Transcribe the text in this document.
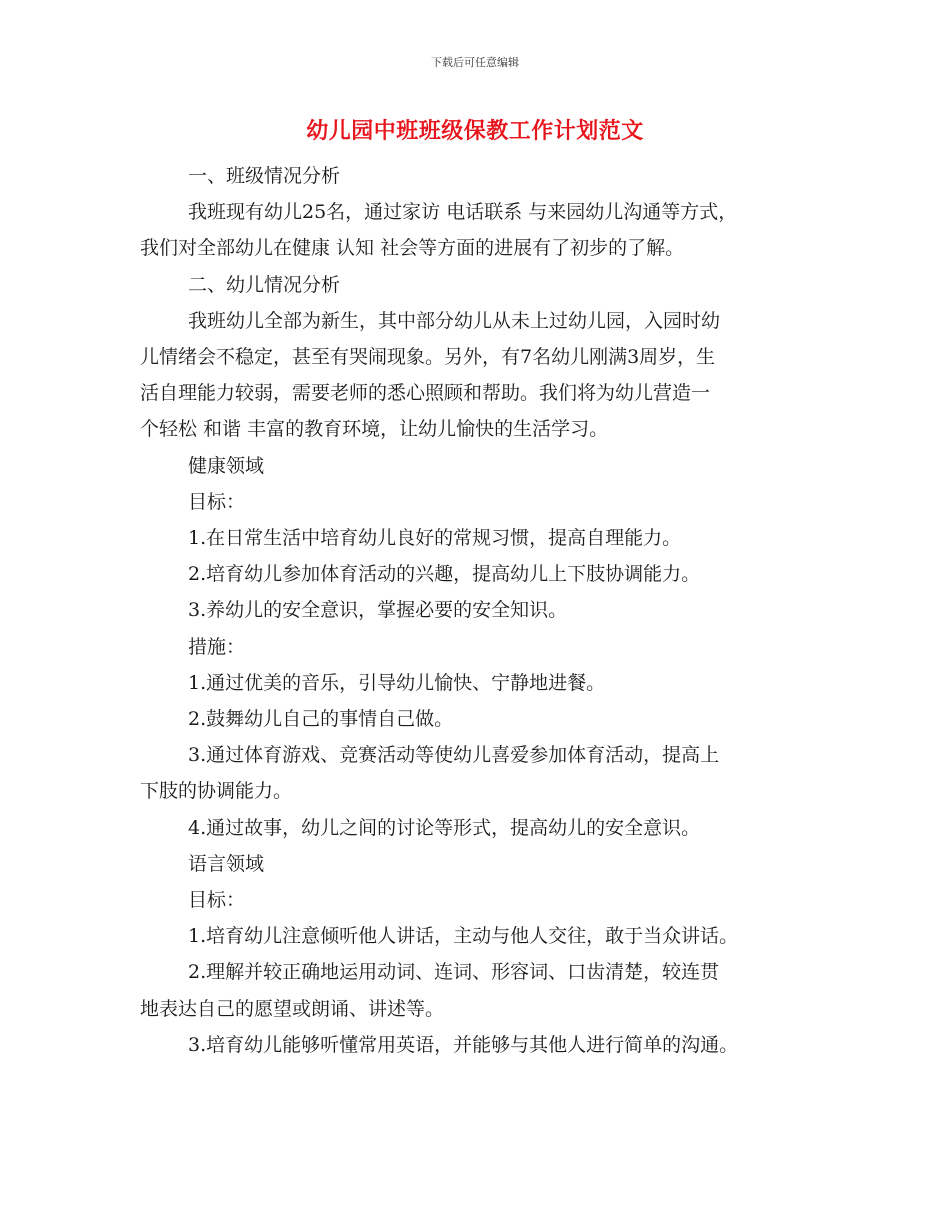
下载后可任意编辑
幼儿园中班班级保教工作计划范文

一、班级情况分析

我班现有幼儿25名，通过家访 电话联系 与来园幼儿沟通等方式，

我们对全部幼儿在健康 认知 社会等方面的进展有了初步的了解。

二、幼儿情况分析

我班幼儿全部为新生，其中部分幼儿从未上过幼儿园，入园时幼

儿情绪会不稳定，甚至有哭闹现象。另外，有7名幼儿刚满3周岁，生

活自理能力较弱，需要老师的悉心照顾和帮助。我们将为幼儿营造一

个轻松 和谐 丰富的教育环境，让幼儿愉快的生活学习。

健康领域

目标：

1.在日常生活中培育幼儿良好的常规习惯，提高自理能力。

2.培育幼儿参加体育活动的兴趣，提高幼儿上下肢协调能力。

3.养幼儿的安全意识，掌握必要的安全知识。

措施：

1.通过优美的音乐，引导幼儿愉快、宁静地进餐。

2.鼓舞幼儿自己的事情自己做。

3.通过体育游戏、竞赛活动等使幼儿喜爱参加体育活动，提高上

下肢的协调能力。

4.通过故事，幼儿之间的讨论等形式，提高幼儿的安全意识。

语言领域

目标：

1.培育幼儿注意倾听他人讲话，主动与他人交往，敢于当众讲话。

2.理解并较正确地运用动词、连词、形容词、口齿清楚，较连贯

地表达自己的愿望或朗诵、讲述等。

3.培育幼儿能够听懂常用英语，并能够与其他人进行简单的沟通。
